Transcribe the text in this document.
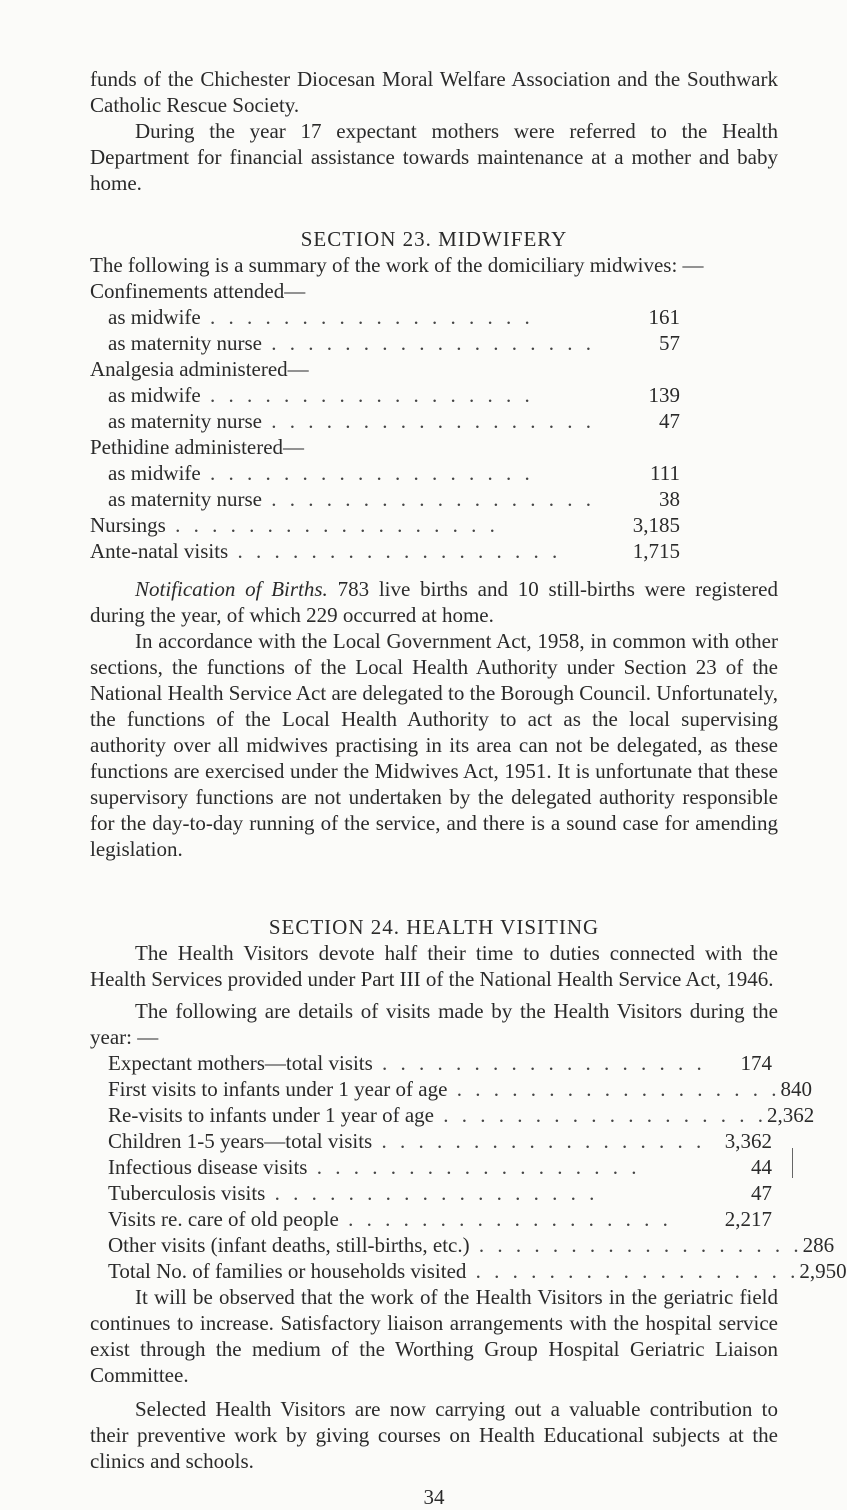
funds of the Chichester Diocesan Moral Welfare Association and the Southwark Catholic Rescue Society.

During the year 17 expectant mothers were referred to the Health Department for financial assistance towards maintenance at a mother and baby home.

SECTION 23. MIDWIFERY

The following is a summary of the work of the domiciliary midwives: —

Confinements attended—
as midwife . . . . . . . . . . . . . . . . . .	161
as maternity nurse . . . . . . . . . . . . . . . . . .	57
Analgesia administered—
as midwife . . . . . . . . . . . . . . . . . .	139
as maternity nurse . . . . . . . . . . . . . . . . . .	47
Pethidine administered—
as midwife . . . . . . . . . . . . . . . . . .	111
as maternity nurse . . . . . . . . . . . . . . . . . .	38
Nursings . . . . . . . . . . . . . . . . . .	3,185
Ante-natal visits . . . . . . . . . . . . . . . . . .	1,715

Notification of Births. 783 live births and 10 still-births were registered during the year, of which 229 occurred at home.

In accordance with the Local Government Act, 1958, in common with other sections, the functions of the Local Health Authority under Section 23 of the National Health Service Act are delegated to the Borough Council. Unfortunately, the functions of the Local Health Authority to act as the local supervising authority over all midwives practising in its area can not be delegated, as these functions are exercised under the Midwives Act, 1951. It is unfortunate that these supervisory functions are not undertaken by the delegated authority responsible for the day-to-day running of the service, and there is a sound case for amending legislation.

SECTION 24. HEALTH VISITING

The Health Visitors devote half their time to duties connected with the Health Services provided under Part III of the National Health Service Act, 1946.

The following are details of visits made by the Health Visitors during the year: —

Expectant mothers—total visits . . . . . . . . . . . . . . . . . .	174
First visits to infants under 1 year of age . . . . . . . . . . . . . . . . . . 840
Re-visits to infants under 1 year of age . . . . . . . . . . . . . . . . . . 2,362
Children 1-5 years—total visits . . . . . . . . . . . . . . . . . . 3,362
Infectious disease visits . . . . . . . . . . . . . . . . . .	44
Tuberculosis visits . . . . . . . . . . . . . . . . . .	47
Visits re. care of old people . . . . . . . . . . . . . . . . . .	2,217
Other visits (infant deaths, still-births, etc.) . . . . . . . . . . . . . . . . . . 286
Total No. of families or households visited . . . . . . . . . . . . . . . . . . 2,950

It will be observed that the work of the Health Visitors in the geriatric field continues to increase. Satisfactory liaison arrangements with the hospital service exist through the medium of the Worthing Group Hospital Geriatric Liaison Committee.

Selected Health Visitors are now carrying out a valuable contribution to their preventive work by giving courses on Health Educational subjects at the clinics and schools.

34
